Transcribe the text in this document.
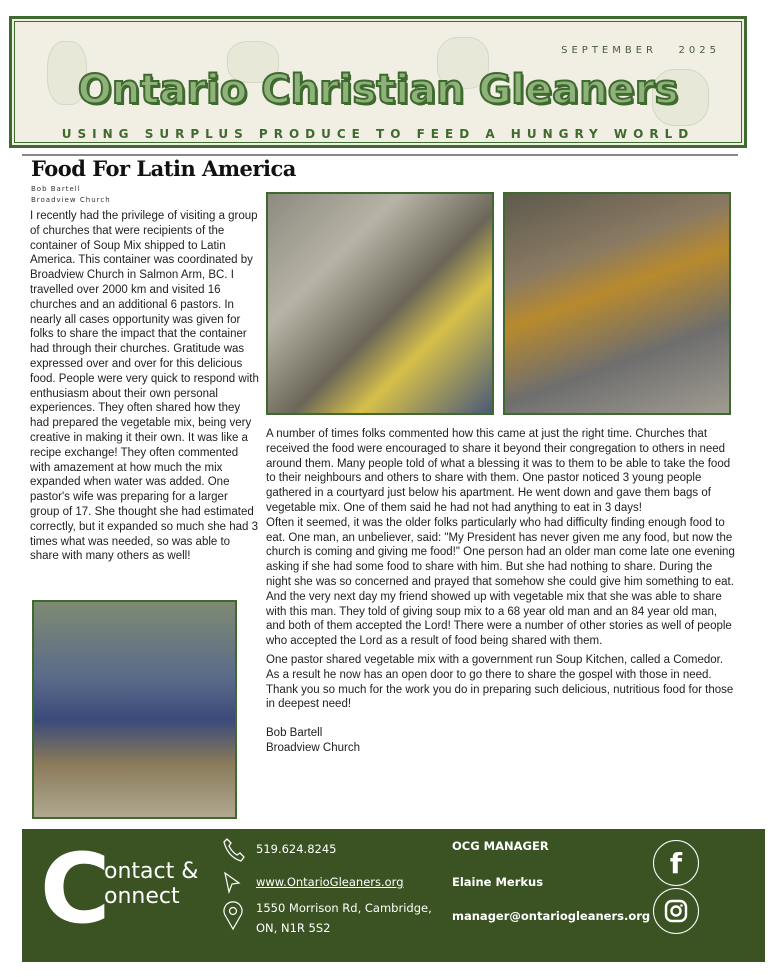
SEPTEMBER   2025
Ontario Christian Gleaners
USING SURPLUS PRODUCE TO FEED A HUNGRY WORLD
Food For Latin America
Bob Bartell
Broadview Church

I recently had the privilege of visiting a group of churches that were recipients of the container of Soup Mix shipped to Latin America. This container was coordinated by Broadview Church in Salmon Arm, BC. I travelled over 2000 km and visited 16 churches and an additional 6 pastors. In nearly all cases opportunity was given for folks to share the impact that the container had through their churches. Gratitude was expressed over and over for this delicious food. People were very quick to respond with enthusiasm about their own personal experiences. They often shared how they had prepared the vegetable mix, being very creative in making it their own. It was like a recipe exchange! They often commented with amazement at how much the mix expanded when water was added. One pastor's wife was preparing for a larger group of 17. She thought she had estimated correctly, but it expanded so much she had 3 times what was needed, so was able to share with many others as well!

A number of times folks commented how this came at just the right time. Churches that received the food were encouraged to share it beyond their congregation to others in need around them. Many people told of what a blessing it was to them to be able to take the food to their neighbours and others to share with them. One pastor noticed 3 young people gathered in a courtyard just below his apartment. He went down and gave them bags of vegetable mix. One of them said he had not had anything to eat in 3 days!

Often it seemed, it was the older folks particularly who had difficulty finding enough food to eat. One man, an unbeliever, said: "My President has never given me any food, but now the church is coming and giving me food!" One person had an older man come late one evening asking if she had some food to share with him. But she had nothing to share. During the night she was so concerned and prayed that somehow she could give him something to eat. And the very next day my friend showed up with vegetable mix that she was able to share with this man. They told of giving soup mix to a 68 year old man and an 84 year old man, and both of them accepted the Lord! There were a number of other stories as well of people who accepted the Lord as a result of food being shared with them.

One pastor shared vegetable mix with a government run Soup Kitchen, called a Comedor. As a result he now has an open door to go there to share the gospel with those in need.

Thank you so much for the work you do in preparing such delicious, nutritious food for those in deepest need!

Bob Bartell
Broadview Church
C
ontact &
onnect
519.624.8245
www.OntarioGleaners.org
1550 Morrison Rd, Cambridge,
ON, N1R 5S2
OCG MANAGER
Elaine Merkus
manager@ontariogleaners.org
f
